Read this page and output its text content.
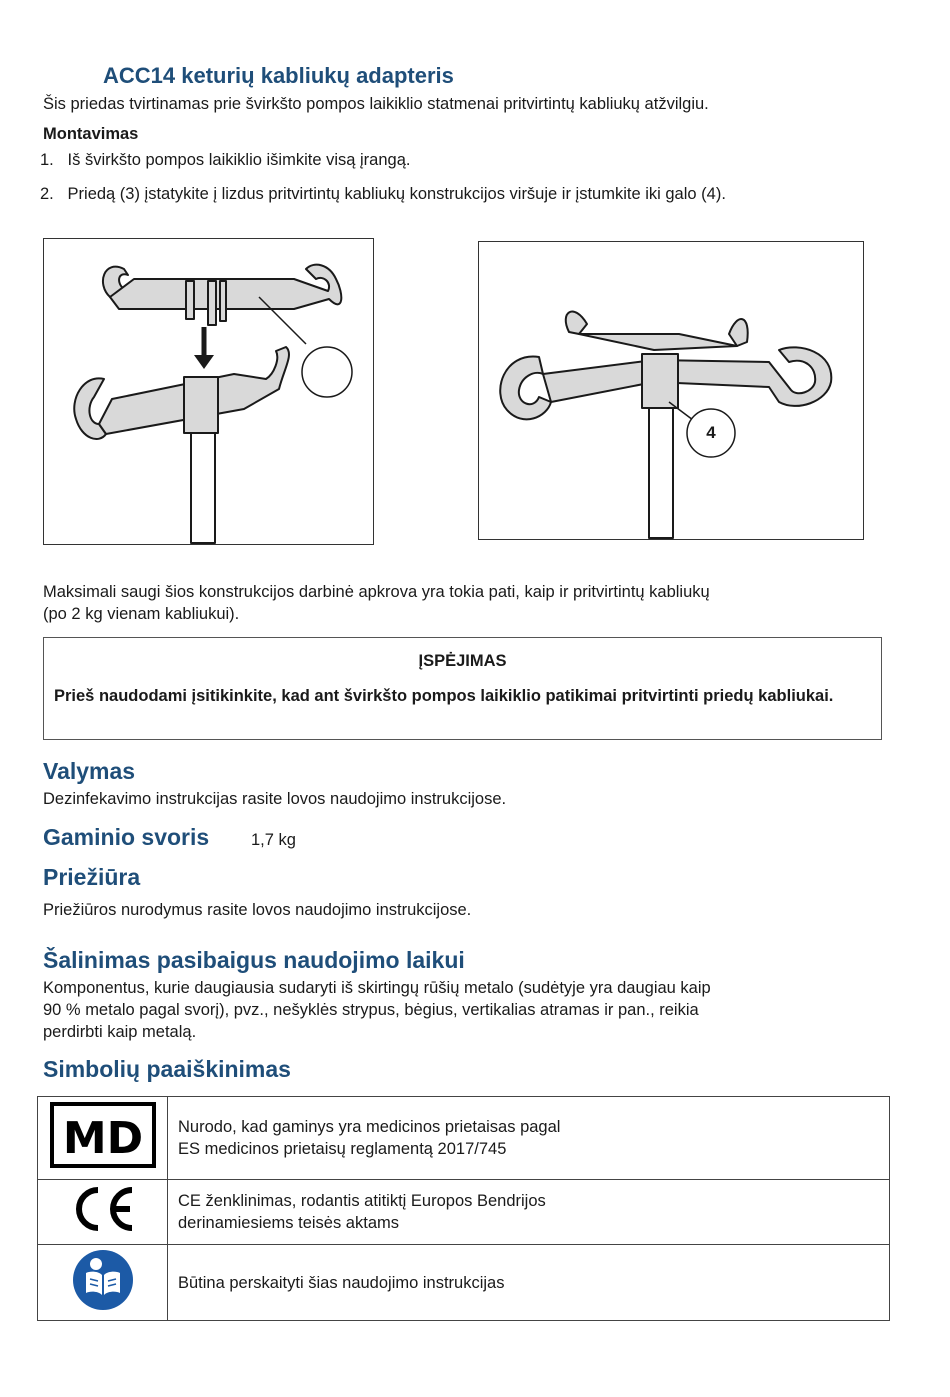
ACC14 keturių kabliukų adapteris
Šis priedas tvirtinamas prie švirkšto pompos laikiklio statmenai pritvirtintų kabliukų atžvilgiu.
Montavimas
1. Iš švirkšto pompos laikiklio išimkite visą įrangą.
2. Priedą (3) įstatykite į lizdus pritvirtintų kabliukų konstrukcijos viršuje ir įstumkite iki galo (4).
4
Maksimali saugi šios konstrukcijos darbinė apkrova yra tokia pati, kaip ir pritvirtintų kabliukų
(po 2 kg vienam kabliukui).
ĮSPĖJIMAS
Prieš naudodami įsitikinkite, kad ant švirkšto pompos laikiklio patikimai pritvirtinti priedų kabliukai.
Valymas
Dezinfekavimo instrukcijas rasite lovos naudojimo instrukcijose.
Gaminio svoris	1,7 kg
Priežiūra
Priežiūros nurodymus rasite lovos naudojimo instrukcijose.
Šalinimas pasibaigus naudojimo laikui
Komponentus, kurie daugiausia sudaryti iš skirtingų rūšių metalo (sudėtyje yra daugiau kaip
90 % metalo pagal svorį), pvz., nešyklės strypus, bėgius, vertikalias atramas ir pan., reikia
perdirbti kaip metalą.
Simbolių paaiškinimas
MD	Nurodo, kad gaminys yra medicinos prietaisas pagal
ES medicinos prietaisų reglamentą 2017/745

CE ženklinimas, rodantis atitiktį Europos Bendrijos
derinamiesiems teisės aktams

Būtina perskaityti šias naudojimo instrukcijas
